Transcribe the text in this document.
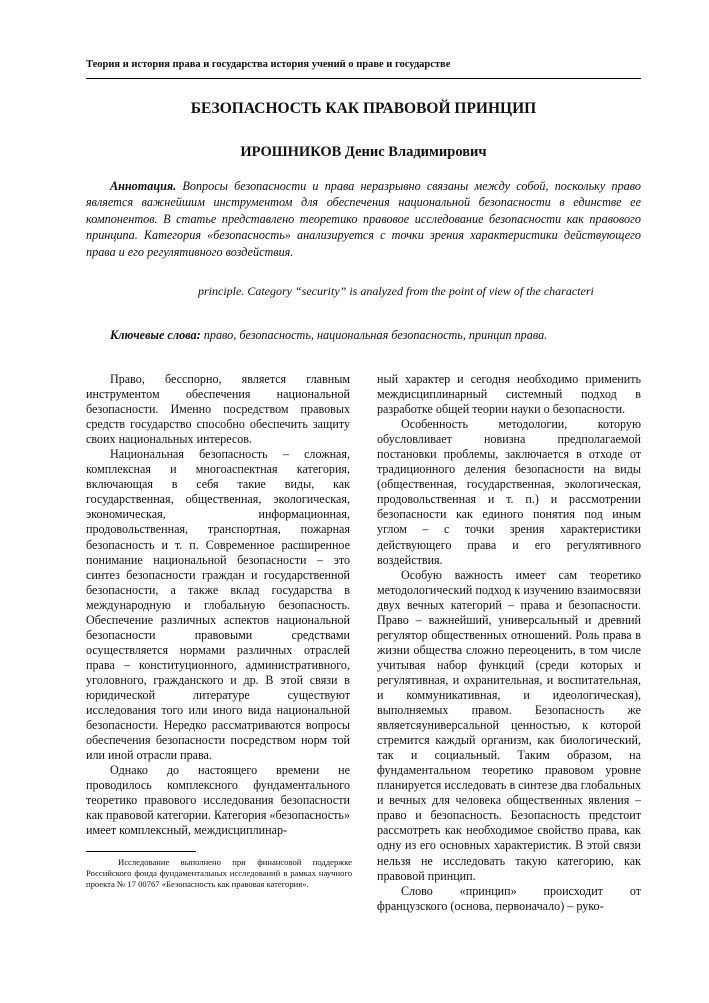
Теория и история права и государства история учений о праве и государстве
БЕЗОПАСНОСТЬ КАК ПРАВОВОЙ ПРИНЦИП
ИРОШНИКОВ Денис Владимирович

Аннотация. Вопросы безопасности и права неразрывно связаны между собой, поскольку право является важнейшим инструментом для обеспечения национальной безопасности в единстве ее компонентов. В статье представлено теоретико правовое исследование безопасности как правового принципа. Категория «безопасность» анализируется с точки зрения характеристики действующего права и его регулятивного воздействия.

principle. Category “security” is analyzed from the point of view of the characteri
Ключевые слова: право, безопасность, национальная безопасность, принцип права.

Право, бесспорно, является главным инструментом обеспечения национальной безопасности. Именно посредством правовых средств государство способно обеспечить защиту своих национальных интересов.

Национальная безопасность – сложная, комплексная и многоаспектная категория, включающая в себя такие виды, как государственная, общественная, экологическая, экономическая, информационная, продовольственная, транспортная, пожарная безопасность и т. п. Современное расширенное понимание национальной безопасности – это синтез безопасности граждан и государственной безопасности, а также вклад государства в международную и глобальную безопасность. Обеспечение различных аспектов национальной безопасности правовыми средствами осуществляется нормами различных отраслей права – конституционного, административного, уголовного, гражданского и др. В этой связи в юридической литературе существуют исследования того или иного вида национальной безопасности. Нередко рассматриваются вопросы обеспечения безопасности посредством норм той или иной отрасли права.

Однако до настоящего времени не проводилось комплексного фундаментального теоретико правового исследования безопасности как правовой категории. Категория «безопасность» имеет комплексный, междисциплинар-

ный характер и сегодня необходимо применить междисциплинарный системный подход в разработке общей теории науки о безопасности.

Особенность методологии, которую обусловливает новизна предполагаемой постановки проблемы, заключается в отходе от традиционного деления безопасности на виды (общественная, государственная, экологическая, продовольственная и т. п.) и рассмотрении безопасности как единого понятия под иным углом – с точки зрения характеристики действующего права и его регулятивного воздействия.

Особую важность имеет сам теоретико методологический подход к изучению взаимосвязи двух вечных категорий – права и безопасности. Право – важнейший, универсальный и древний регулятор общественных отношений. Роль права в жизни общества сложно переоценить, в том числе учитывая набор функций (среди которых и регулятивная, и охранительная, и воспитательная, и коммуникативная, и идеологическая), выполняемых правом. Безопасность же являетсяуниверсальной ценностью, к которой стремится каждый организм, как биологический, так и социальный. Таким образом, на фундаментальном теоретико правовом уровне планируется исследовать в синтезе два глобальных и вечных для человека общественных явления – право и безопасность. Безопасность предстоит рассмотреть как необходимое свойство права, как одну из его основных характеристик. В этой связи нельзя не исследовать такую категорию, как правовой принцип.

Слово «принцип» происходит от французского (основа, первоначало) – руко-

Исследование выполнено при финансовой поддержке Российского фонда фундаментальных исследований в рамках научного проекта № 17 00767 «Безопасность как правовая категория».
